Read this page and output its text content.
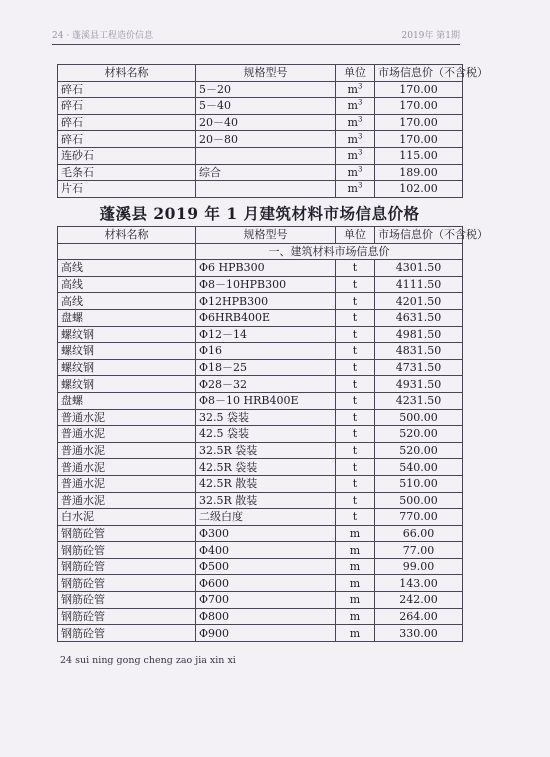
24 · 蓬溪县工程造价信息	2019年 第1期
材料名称	规格型号	单位	市场信息价（不含税）
碎石	5－20	$m^3$	170.00
碎石	5－40	$m^3$	170.00
碎石	20－40	$m^3$	170.00
碎石	20－80	$m^3$	170.00
连砂石		$m^3$	115.00
毛条石	综合	$m^3$	189.00
片石		$m^3$	102.00
蓬溪县 2019 年 1 月建筑材料市场信息价格
材料名称	规格型号	单位	市场信息价（不含税）
	一、建筑材料市场信息价		
高线	Φ6 HPB300	t	4301.50
高线	Φ8－10HPB300	t	4111.50
高线	Φ12HPB300	t	4201.50
盘螺	Φ6HRB400E	t	4631.50
螺纹钢	Φ12－14	t	4981.50
螺纹钢	Φ16	t	4831.50
螺纹钢	Φ18－25	t	4731.50
螺纹钢	Φ28－32	t	4931.50
盘螺	Φ8－10 HRB400E	t	4231.50
普通水泥	32.5 袋装	t	500.00
普通水泥	42.5 袋装	t	520.00
普通水泥	32.5R 袋装	t	520.00
普通水泥	42.5R 袋装	t	540.00
普通水泥	42.5R 散装	t	510.00
普通水泥	32.5R 散装	t	500.00
白水泥	二级白度	t	770.00
钢筋砼管	Φ300	m	66.00
钢筋砼管	Φ400	m	77.00
钢筋砼管	Φ500	m	99.00
钢筋砼管	Φ600	m	143.00
钢筋砼管	Φ700	m	242.00
钢筋砼管	Φ800	m	264.00
钢筋砼管	Φ900	m	330.00
24 sui ning gong cheng zao jia xin xi
